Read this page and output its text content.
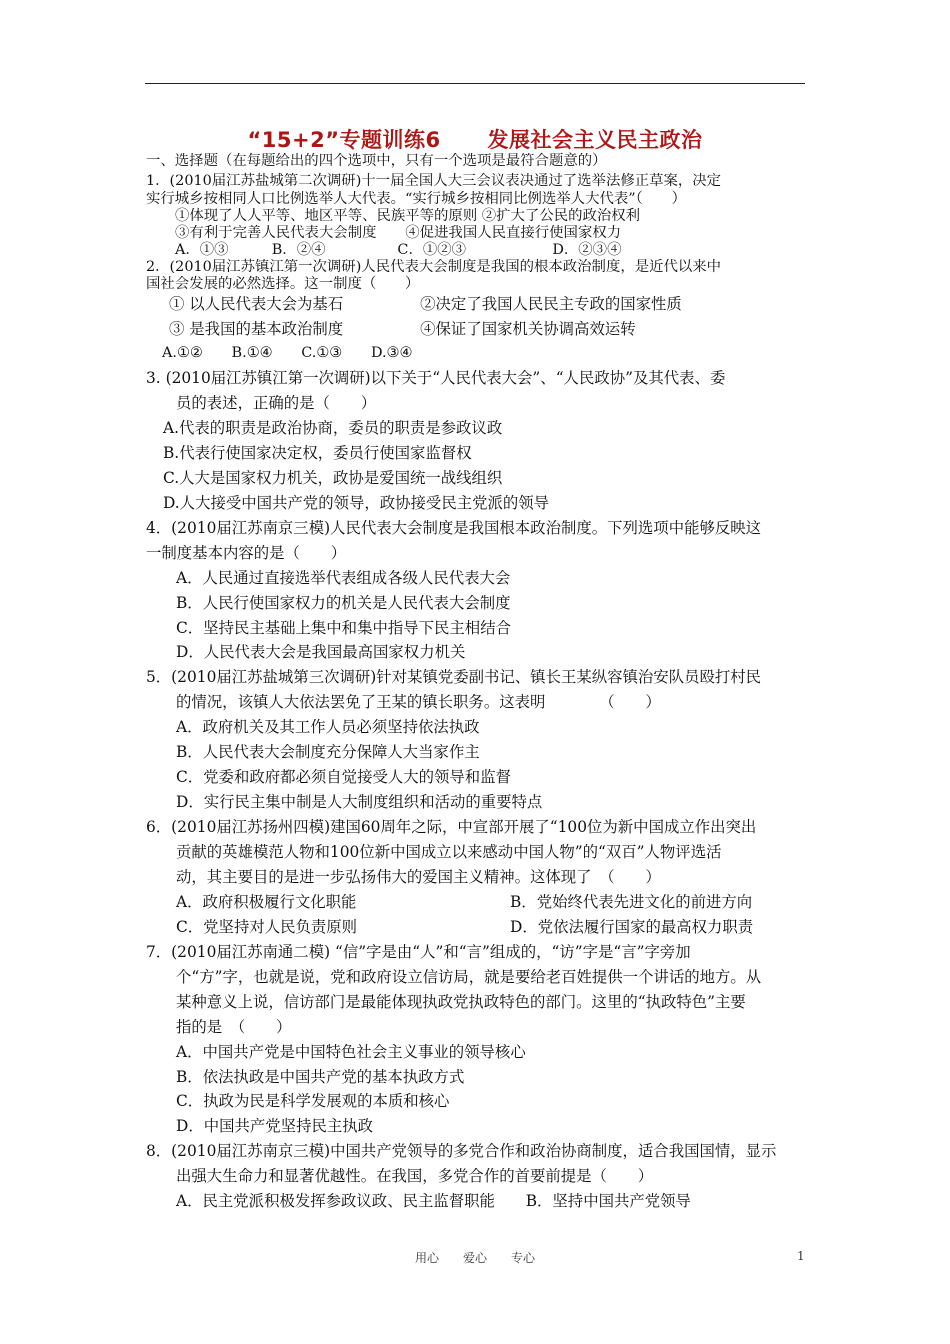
“15+2”专题训练6      发展社会主义民主政治
一、选择题（在每题给出的四个选项中，只有一个选项是最符合题意的）
1．(2010届江苏盐城第二次调研)十一届全国人大三会议表决通过了选举法修正草案，决定
实行城乡按相同人口比例选举人大代表。“实行城乡按相同比例选举人大代表”（　　）
①体现了人人平等、地区平等、民族平等的原则 ②扩大了公民的政治权利
③有利于完善人民代表大会制度　　④促进我国人民直接行使国家权力
A．①③　　　B．②④　　　　　C．①②③　　　　　　D．②③④
2．(2010届江苏镇江第一次调研)人民代表大会制度是我国的根本政治制度，是近代以来中
国社会发展的必然选择。这一制度（　　）
① 以人民代表大会为基石　　　　　②决定了我国人民民主专政的国家性质
③ 是我国的基本政治制度　　　　　④保证了国家机关协调高效运转
A.①②　　B.①④　　C.①③　　D.③④
3. (2010届江苏镇江第一次调研)以下关于“人民代表大会”、“人民政协”及其代表、委
员的表述，正确的是（　　）
A.代表的职责是政治协商，委员的职责是参政议政
B.代表行使国家决定权，委员行使国家监督权
C.人大是国家权力机关，政协是爱国统一战线组织
D.人大接受中国共产党的领导，政协接受民主党派的领导
4．(2010届江苏南京三模)人民代表大会制度是我国根本政治制度。下列选项中能够反映这
一制度基本内容的是（　　）
A．人民通过直接选举代表组成各级人民代表大会
B．人民行使国家权力的机关是人民代表大会制度
C．坚持民主基础上集中和集中指导下民主相结合
D．人民代表大会是我国最高国家权力机关
5．(2010届江苏盐城第三次调研)针对某镇党委副书记、镇长王某纵容镇治安队员殴打村民
的情况，该镇人大依法罢免了王某的镇长职务。这表明　　　　（　　）
A．政府机关及其工作人员必须坚持依法执政
B．人民代表大会制度充分保障人大当家作主
C．党委和政府都必须自觉接受人大的领导和监督
D．实行民主集中制是人大制度组织和活动的重要特点
6．(2010届江苏扬州四模)建国60周年之际，中宣部开展了“100位为新中国成立作出突出
贡献的英雄模范人物和100位新中国成立以来感动中国人物”的“双百”人物评选活
动，其主要目的是进一步弘扬伟大的爱国主义精神。这体现了　（　　）
A．政府积极履行文化职能	B．党始终代表先进文化的前进方向
C．党坚持对人民负责原则	D．党依法履行国家的最高权力职责
7．(2010届江苏南通二模) “信”字是由“人”和“言”组成的，“访”字是“言”字旁加
个“方”字，也就是说，党和政府设立信访局，就是要给老百姓提供一个讲话的地方。从
某种意义上说，信访部门是最能体现执政党执政特色的部门。这里的“执政特色”主要
指的是　（　　）
A．中国共产党是中国特色社会主义事业的领导核心
B．依法执政是中国共产党的基本执政方式
C．执政为民是科学发展观的本质和核心
D．中国共产党坚持民主执政
8．(2010届江苏南京三模)中国共产党领导的多党合作和政治协商制度，适合我国国情，显示
出强大生命力和显著优越性。在我国，多党合作的首要前提是（　　）
A．民主党派积极发挥参政议政、民主监督职能　　B．坚持中国共产党领导
用心　　爱心　　专心	1
